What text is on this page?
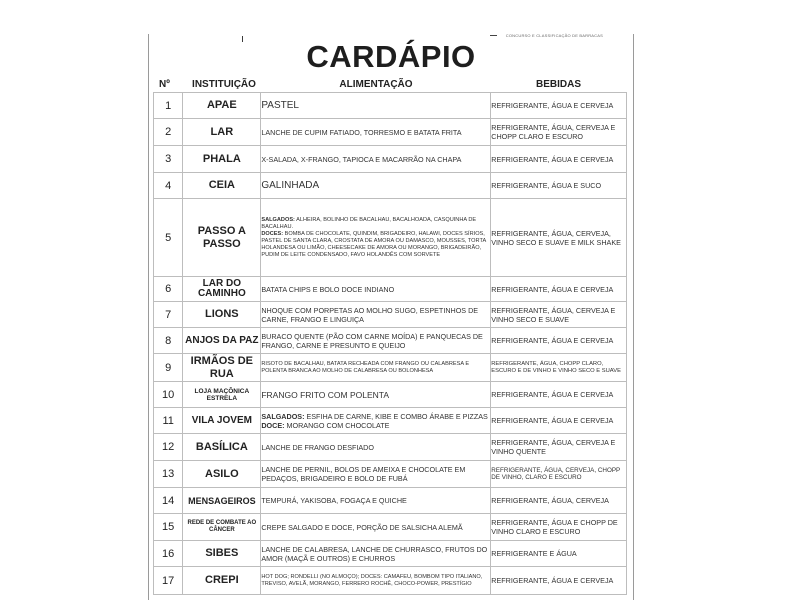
ı	CONCURSO E CLASSIFICAÇÃO DE BARRACAS
CARDÁPIO
Nº	INSTITUIÇÃO	ALIMENTAÇÃO	BEBIDAS
1	APAE	PASTEL	REFRIGERANTE, ÁGUA E CERVEJA
2	LAR	LANCHE DE CUPIM FATIADO, TORRESMO E BATATA FRITA	REFRIGERANTE, ÁGUA, CERVEJA E CHOPP CLARO E ESCURO
3	PHALA	X-SALADA, X-FRANGO, TAPIOCA E MACARRÃO NA CHAPA	REFRIGERANTE, ÁGUA E CERVEJA
4	CEIA	GALINHADA	REFRIGERANTE, ÁGUA E SUCO
5	PASSO A PASSO	SALGADOS: ALHEIRA, BOLINHO DE BACALHAU, BACALHOADA, CASQUINHA DE BACALHAU.
DOCES: BOMBA DE CHOCOLATE, QUINDIM, BRIGADEIRO, HALAWI, DOCES SÍRIOS, PASTEL DE SANTA CLARA, CROSTATA DE AMORA OU DAMASCO, MOUSSES, TORTA HOLANDESA OU LIMÃO, CHEESECAKE DE AMORA OU MORANGO, BRIGADEIRÃO, PUDIM DE LEITE CONDENSADO, FAVO HOLANDÊS COM SORVETE	REFRIGERANTE, ÁGUA, CERVEJA, VINHO SECO E SUAVE E MILK SHAKE
6	LAR DO CAMINHO	BATATA CHIPS E BOLO DOCE INDIANO	REFRIGERANTE, ÁGUA E CERVEJA
7	LIONS	NHOQUE COM PORPETAS AO MOLHO SUGO, ESPETINHOS DE CARNE, FRANGO E LINGUIÇA	REFRIGERANTE, ÁGUA, CERVEJA E VINHO SECO E SUAVE
8	ANJOS DA PAZ	BURACO QUENTE (PÃO COM CARNE MOÍDA) E PANQUECAS DE FRANGO, CARNE E PRESUNTO E QUEIJO	REFRIGERANTE, ÁGUA E CERVEJA
9	IRMÃOS DE RUA	RISOTO DE BACALHAU, BATATA RECHEADA COM FRANGO OU CALABRESA E POLENTA BRANCA AO MOLHO DE CALABRESA OU BOLONHESA	REFRIGERANTE, ÁGUA, CHOPP CLARO, ESCURO E DE VINHO E VINHO SECO E SUAVE

10	LOJA MAÇÔNICA ESTRELA	FRANGO FRITO COM POLENTA	REFRIGERANTE, ÁGUA E CERVEJA
11	VILA JOVEM	SALGADOS: ESFIHA DE CARNE, KIBE E COMBO ÁRABE E PIZZAS
DOCE: MORANGO COM CHOCOLATE	REFRIGERANTE, ÁGUA E CERVEJA
12	BASÍLICA	LANCHE DE FRANGO DESFIADO	REFRIGERANTE, ÁGUA, CERVEJA E VINHO QUENTE
13	ASILO	LANCHE DE PERNIL, BOLOS DE AMEIXA E CHOCOLATE EM PEDAÇOS, BRIGADEIRO E BOLO DE FUBÁ	REFRIGERANTE, ÁGUA, CERVEJA, CHOPP DE VINHO, CLARO E ESCURO

14	MENSAGEIROS	TEMPURÁ, YAKISOBA, FOGAÇA E QUICHE	REFRIGERANTE, ÁGUA, CERVEJA
15	REDE DE COMBATE AO CÂNCER	CREPE SALGADO E DOCE, PORÇÃO DE SALSICHA ALEMÃ	REFRIGERANTE, ÁGUA E CHOPP DE VINHO CLARO E ESCURO
16	SIBES	LANCHE DE CALABRESA, LANCHE DE CHURRASCO, FRUTOS DO AMOR (MAÇÃ E OUTROS) E CHURROS	REFRIGERANTE E ÁGUA
17	CREPI	HOT DOG; RONDELLI (NO ALMOÇO); DOCES: CAMAFEU, BOMBOM TIPO ITALIANO, TREVISO, AVELÃ, MORANGO, FERRERO ROCHÊ, CHOCO-POWER, PRESTÍGIO	REFRIGERANTE, ÁGUA E CERVEJA
